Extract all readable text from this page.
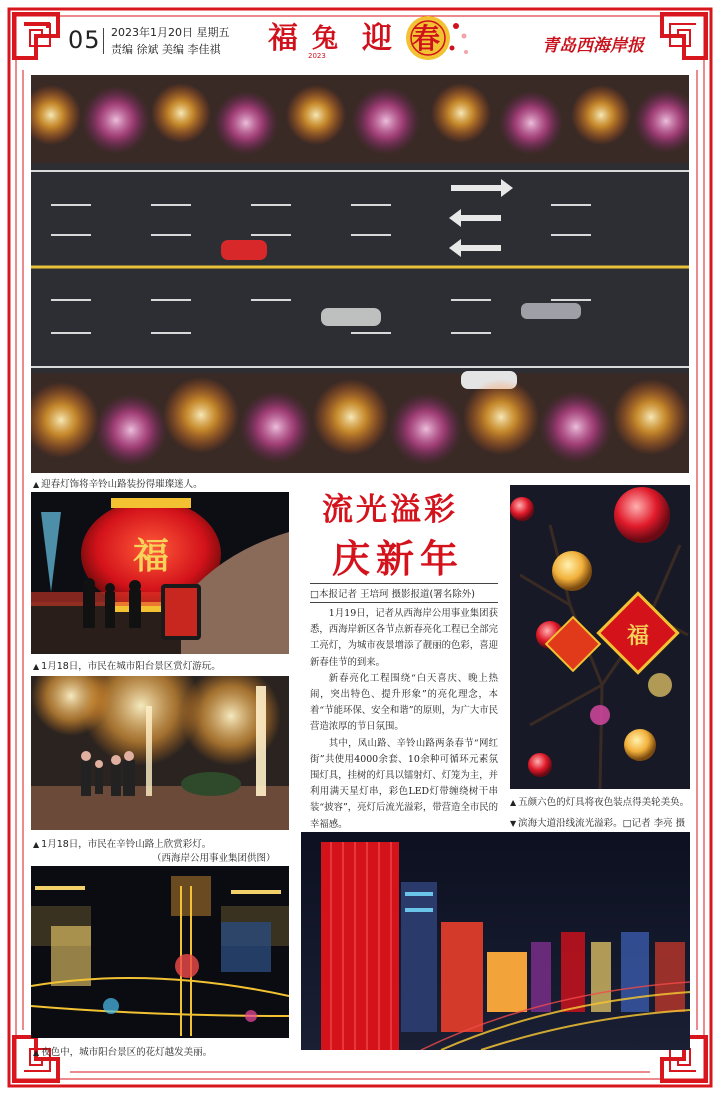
05 2023年1月20日 星期五
责编 徐斌 美编 李佳祺 福 兔 迎 春
2023	青岛西海岸报
▲ 迎春灯饰将辛铃山路装扮得璀璨迷人。
福
▲ 1月18日，市民在城市阳台景区赏灯游玩。
▲ 1月18日，市民在辛铃山路上欣赏彩灯。
（西海岸公用事业集团供图）
▲ 夜色中，城市阳台景区的花灯越发美丽。
流光溢彩
庆新年
□本报记者 王培珂 摄影报道(署名除外)

1月19日，记者从西海岸公用事业集团获悉，西海岸新区各节点新春亮化工程已全部完工亮灯，为城市夜景增添了靓丽的色彩，喜迎新春佳节的到来。

新春亮化工程围绕“白天喜庆、晚上热闹，突出特色、提升形象”的亮化理念，本着“节能环保、安全和谐”的原则，为广大市民营造浓厚的节日氛围。

其中，凤山路、辛铃山路两条春节“网红街”共使用4000余套、10余种可循环元素氛围灯具，挂树的灯具以镭射灯、灯笼为主，并利用满天星灯串，彩色LED灯带缠绕树干串装“披容”，亮灯后流光溢彩，带营造全市民的幸福感。

福
▲ 五颜六色的灯具将夜色装点得美轮美奂。
▼ 滨海大道沿线流光溢彩。□记者 李亮 摄
